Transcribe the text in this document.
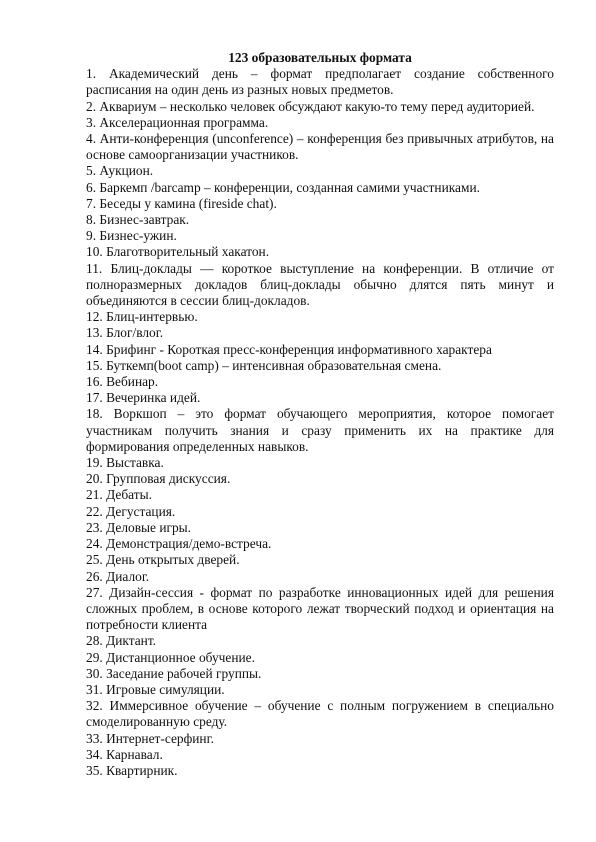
123 образовательных формата

1. Академический день – формат предполагает создание собственного расписания на один день из разных новых предметов.

2. Аквариум – несколько человек обсуждают какую-то тему перед аудиторией.

3. Акселерационная программа.

4. Анти-конференция (unconference) – конференция без привычных атрибутов, на основе самоорганизации участников.

5. Аукцион.

6. Баркемп /barcamp – конференции, созданная самими участниками.

7. Беседы у камина (fireside chat).

8. Бизнес-завтрак.

9. Бизнес-ужин.

10. Благотворительный хакатон.

11. Блиц-доклады — короткое выступление на конференции. В отличие от полноразмерных докладов блиц-доклады обычно длятся пять минут и объединяются в сессии блиц-докладов.

12. Блиц-интервью.

13. Блог/влог.

14. Брифинг - Короткая пресс-конференция информативного характера

15. Буткемп(boot camp) – интенсивная образовательная смена.

16. Вебинар.

17. Вечеринка идей.

18. Воркшоп – это формат обучающего мероприятия, которое помогает участникам получить знания и сразу применить их на практике для формирования определенных навыков.

19. Выставка.

20. Групповая дискуссия.

21. Дебаты.

22. Дегустация.

23. Деловые игры.

24. Демонстрация/демо-встреча.

25. День открытых дверей.

26. Диалог.

27. Дизайн-сессия - формат по разработке инновационных идей для решения сложных проблем, в основе которого лежат творческий подход и ориентация на потребности клиента

28. Диктант.

29. Дистанционное обучение.

30. Заседание рабочей группы.

31. Игровые симуляции.

32. Иммерсивное обучение – обучение с полным погружением в специально смоделированную среду.

33. Интернет-серфинг.

34. Карнавал.

35. Квартирник.
